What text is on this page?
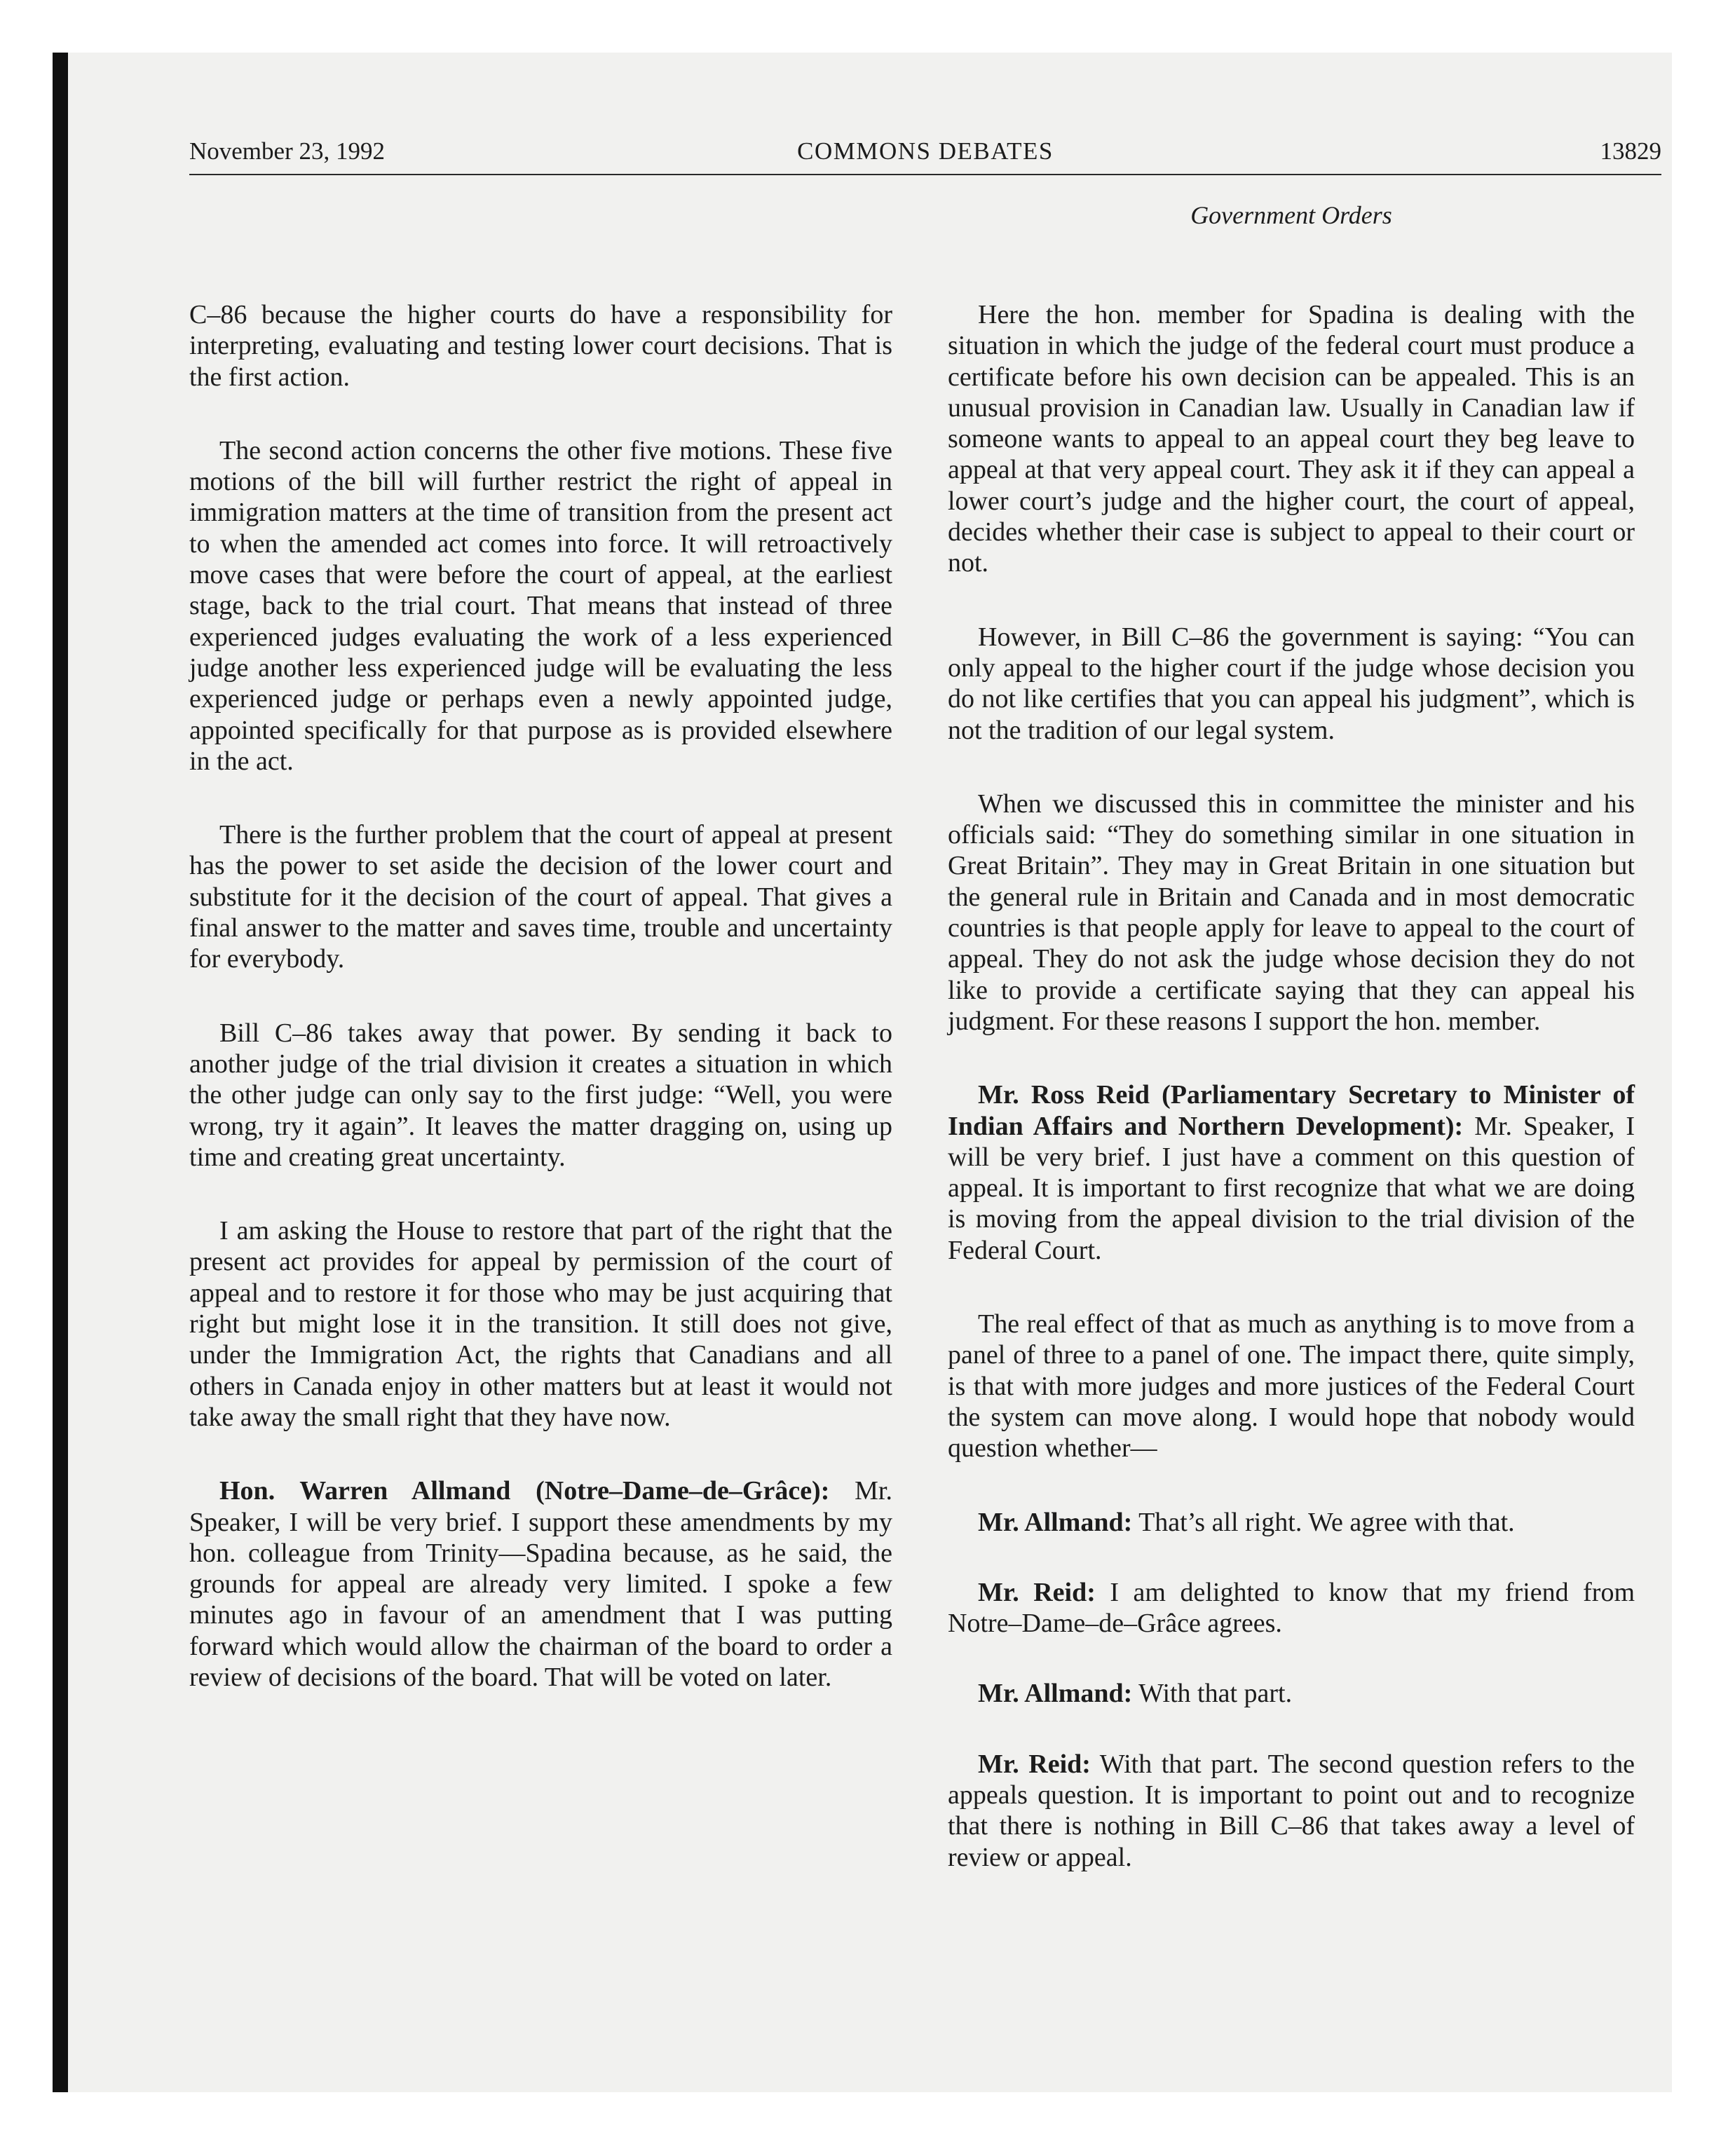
November 23, 1992	COMMONS DEBATES	13829
Government Orders

C–86 because the higher courts do have a responsibility for interpreting, evaluating and testing lower court decisions. That is the first action.

The second action concerns the other five motions. These five motions of the bill will further restrict the right of appeal in immigration matters at the time of transition from the present act to when the amended act comes into force. It will retroactively move cases that were before the court of appeal, at the earliest stage, back to the trial court. That means that instead of three experienced judges evaluating the work of a less experienced judge another less experienced judge will be evaluating the less experienced judge or perhaps even a newly appointed judge, appointed specifically for that purpose as is provided elsewhere in the act.

There is the further problem that the court of appeal at present has the power to set aside the decision of the lower court and substitute for it the decision of the court of appeal. That gives a final answer to the matter and saves time, trouble and uncertainty for everybody.

Bill C–86 takes away that power. By sending it back to another judge of the trial division it creates a situation in which the other judge can only say to the first judge: “Well, you were wrong, try it again”. It leaves the matter dragging on, using up time and creating great uncertainty.

I am asking the House to restore that part of the right that the present act provides for appeal by permission of the court of appeal and to restore it for those who may be just acquiring that right but might lose it in the transition. It still does not give, under the Immigration Act, the rights that Canadians and all others in Canada enjoy in other matters but at least it would not take away the small right that they have now.

Hon. Warren Allmand (Notre–Dame–de–Grâce): Mr. Speaker, I will be very brief. I support these amendments by my hon. colleague from Trinity—Spadina because, as he said, the grounds for appeal are already very limited. I spoke a few minutes ago in favour of an amendment that I was putting forward which would allow the chairman of the board to order a review of decisions of the board. That will be voted on later.

Here the hon. member for Spadina is dealing with the situation in which the judge of the federal court must produce a certificate before his own decision can be appealed. This is an unusual provision in Canadian law. Usually in Canadian law if someone wants to appeal to an appeal court they beg leave to appeal at that very appeal court. They ask it if they can appeal a lower court’s judge and the higher court, the court of appeal, decides whether their case is subject to appeal to their court or not.

However, in Bill C–86 the government is saying: “You can only appeal to the higher court if the judge whose decision you do not like certifies that you can appeal his judgment”, which is not the tradition of our legal system.

When we discussed this in committee the minister and his officials said: “They do something similar in one situation in Great Britain”. They may in Great Britain in one situation but the general rule in Britain and Canada and in most democratic countries is that people apply for leave to appeal to the court of appeal. They do not ask the judge whose decision they do not like to provide a certificate saying that they can appeal his judgment. For these reasons I support the hon. member.

Mr. Ross Reid (Parliamentary Secretary to Minister of Indian Affairs and Northern Development): Mr. Speaker, I will be very brief. I just have a comment on this question of appeal. It is important to first recognize that what we are doing is moving from the appeal division to the trial division of the Federal Court.

The real effect of that as much as anything is to move from a panel of three to a panel of one. The impact there, quite simply, is that with more judges and more justices of the Federal Court the system can move along. I would hope that nobody would question whether—

Mr. Allmand: That’s all right. We agree with that.

Mr. Reid: I am delighted to know that my friend from Notre–Dame–de–Grâce agrees.

Mr. Allmand: With that part.

Mr. Reid: With that part. The second question refers to the appeals question. It is important to point out and to recognize that there is nothing in Bill C–86 that takes away a level of review or appeal.
